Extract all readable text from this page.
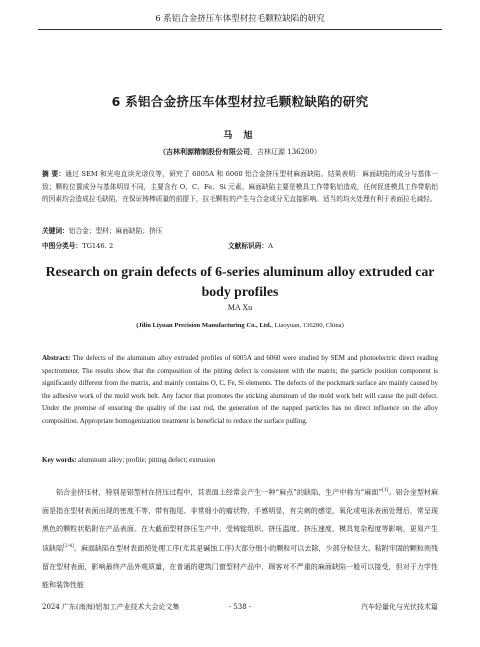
6 系铝合金挤压车体型材拉毛颗粒缺陷的研究
6 系铝合金挤压车体型材拉毛颗粒缺陷的研究
马 旭
（吉林利源精制股份有限公司，吉林辽源 136200）
摘 要：通过 SEM 和光电直读光谱仪等，研究了 6005A 和 6060 铝合金挤压型材麻面缺陷。结果表明：麻面缺陷的成分与基体一致；颗粒位置成分与基体明显不同，主要含有 O、C、Fe、Si 元素。麻面缺陷主要是模具工作带粘铝造成，任何促进模具工作带粘铝的因素均会造成拉毛缺陷，在保证铸棒质量的前提下，拉毛颗粒的产生与合金成分无直接影响。适当的均火处理有利于表面拉毛减轻。
关键词：铝合金；型材；麻面缺陷；挤压
中图分类号：TG146. 2	文献标识码：A
Research on grain defects of 6-series aluminum alloy extruded car body profiles
MA Xu
(Jilin Liyuan Precision Manufacturing Co., Ltd., Liaoyuan, 136200, China)
Abstract: The defects of the aluminum alloy extruded profiles of 6005A and 6060 were studied by SEM and photoelectric direct reading spectrometer. The results show that the composition of the pitting defect is consistent with the matrix; the particle position component is significantly different from the matrix, and mainly contains O, C, Fe, Si elements. The defects of the pockmark surface are mainly caused by the adhesive work of the mold work belt. Any factor that promotes the sticking aluminum of the mold work belt will cause the pull defect. Under the premise of ensuring the quality of the cast rod, the generation of the napped particles has no direct influence on the alloy composition. Appropriate homogenization treatment is beneficial to reduce the surface pulling.
Key words: aluminum alloy; profile; pitting defect; extrusion
铝合金挤压材，特别是铝型材在挤压过程中，其表面上经常会产生一种“麻点”的缺陷，生产中称为“麻面”[1]。铝合金型材麻面是指在型材表面出现的密度不等、带有拖尾、非常细小的瘤状物，手感明显，有尖刺的感觉，氧化或电泳表面处理后，常呈现黑色的颗粒状粘附在产品表面。在大截面型材挤压生产中，受铸锭组织、挤压温度、挤压速度、模具复杂程度等影响，更易产生该缺陷[2-4]。麻面缺陷在型材表面预处理工序(尤其是碱蚀工序)大部分细小的颗粒可以去除，少部分粒径大、粘附牢固的颗粒则残留在型材表面，影响最终产品外观质量，在普通的建筑门窗型材产品中，顾客对不严重的麻面缺陷一般可以接受，但对于力学性能和装饰性能
2024 广东(南海)铝加工产业技术大会论文集	- 538 -	汽车轻量化与光伏技术篇
